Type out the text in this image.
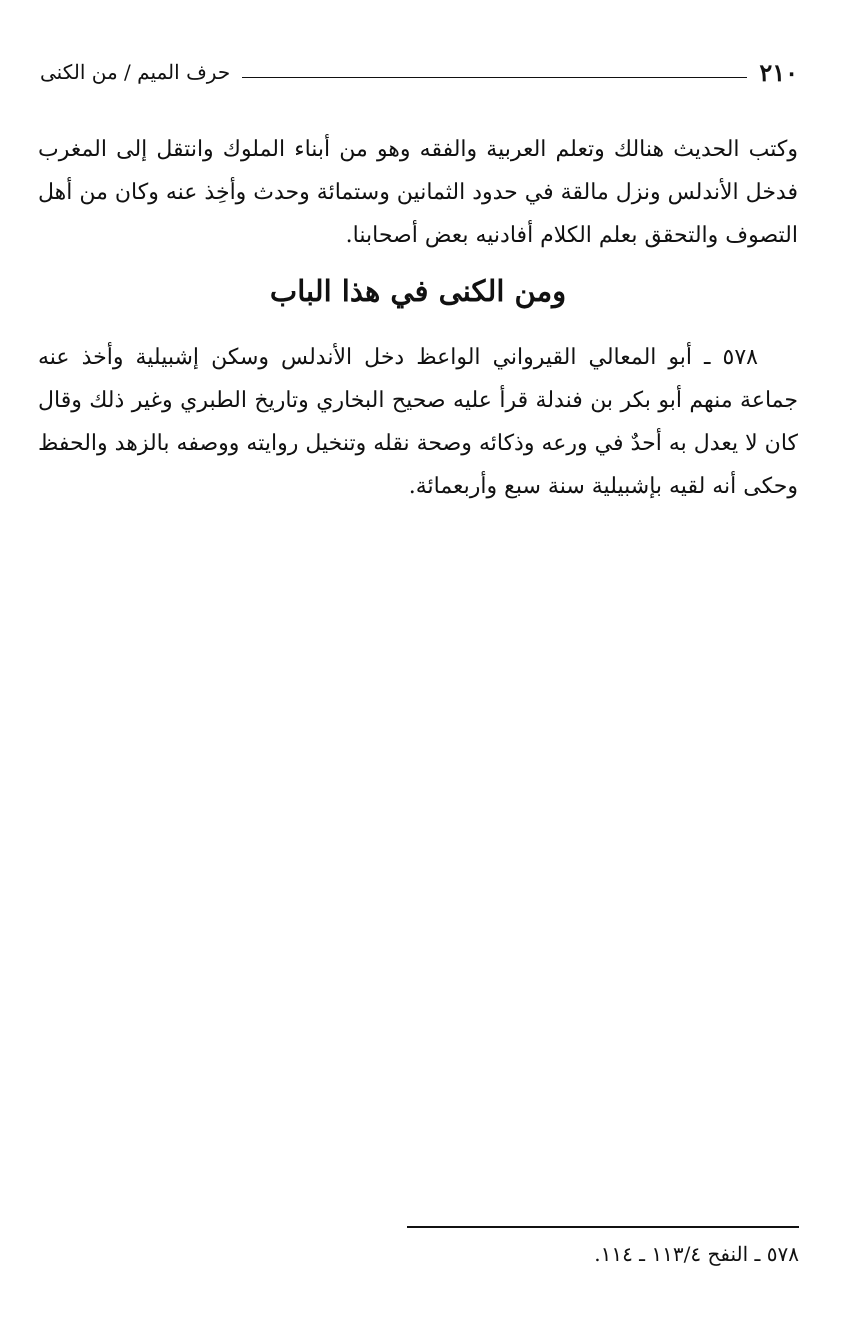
٢١٠
حرف الميم / من الكنى

وكتب الحديث هنالك وتعلم العربية والفقه وهو من أبناء الملوك وانتقل إلى المغرب فدخل الأندلس ونزل مالقة في حدود الثمانين وستمائة وحدث وأخِذ عنه وكان من أهل التصوف والتحقق بعلم الكلام أفادنيه بعض أصحابنا.

ومن الكنى في هذا الباب

٥٧٨ ـ أبو المعالي القيرواني الواعظ دخل الأندلس وسكن إشبيلية وأخذ عنه جماعة منهم أبو بكر بن فندلة قرأ عليه صحيح البخاري وتاريخ الطبري وغير ذلك وقال كان لا يعدل به أحدٌ في ورعه وذكائه وصحة نقله وتنخيل روايته ووصفه بالزهد والحفظ وحكى أنه لقيه بإشبيلية سنة سبع وأربعمائة.

٥٧٨ ـ النفح ١١٣/٤ ـ ١١٤.
